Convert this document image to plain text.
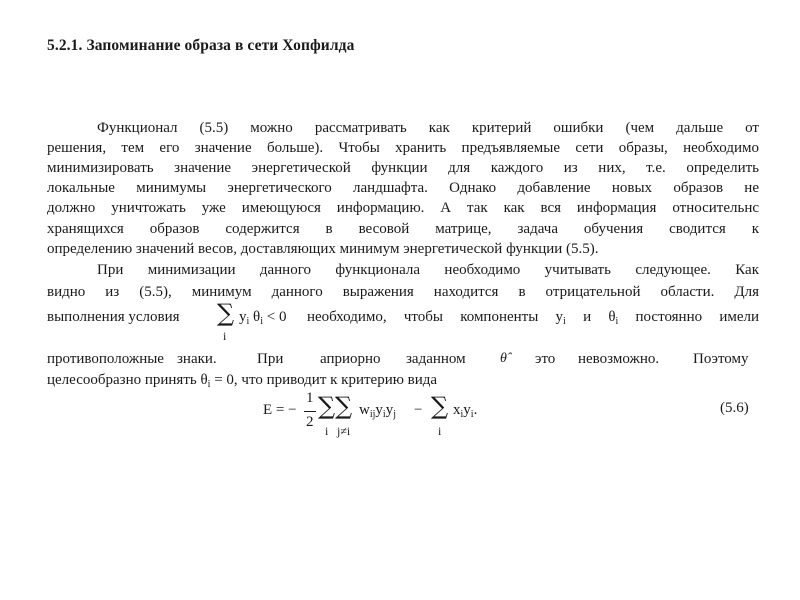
5.2.1. Запоминание образа в сети Хопфилда
Функционал (5.5) можно рассматривать как критерий ошибки (чем дальше от
решения, тем его значение больше). Чтобы хранить предъявляемые сети образы, необходимо
минимизировать значение энергетической функции для каждого из них, т.е. определить
локальные минимумы энергетического ландшафта. Однако добавление новых образов не
должно уничтожать уже имеющуюся информацию. А так как вся информация относительнс
хранящихся образов содержится в весовой матрице, задача обучения сводится к
определению значений весов, доставляющих минимум энергетической функции (5.5).
При минимизации данного функционала необходимо учитывать следующее. Как
видно из (5.5), минимум данного выражения находится в отрицательной области. Для
выполнения условия ∑
i
$y_i$ $\theta_i < 0$ необходимо, чтобы компоненты $y_i$ и $\theta_i$ постоянно имели
противоположные знаки.	При априорно заданном θ̂ это невозможно. Поэтому
целесообразно принять $\theta_i = 0$, что приводит к критерию вида
E = −
1
2
∑ ∑
i j≠i
$w_{ij}y_iy_j$ − ∑
i
$x_iy_i$.	(5.6)
